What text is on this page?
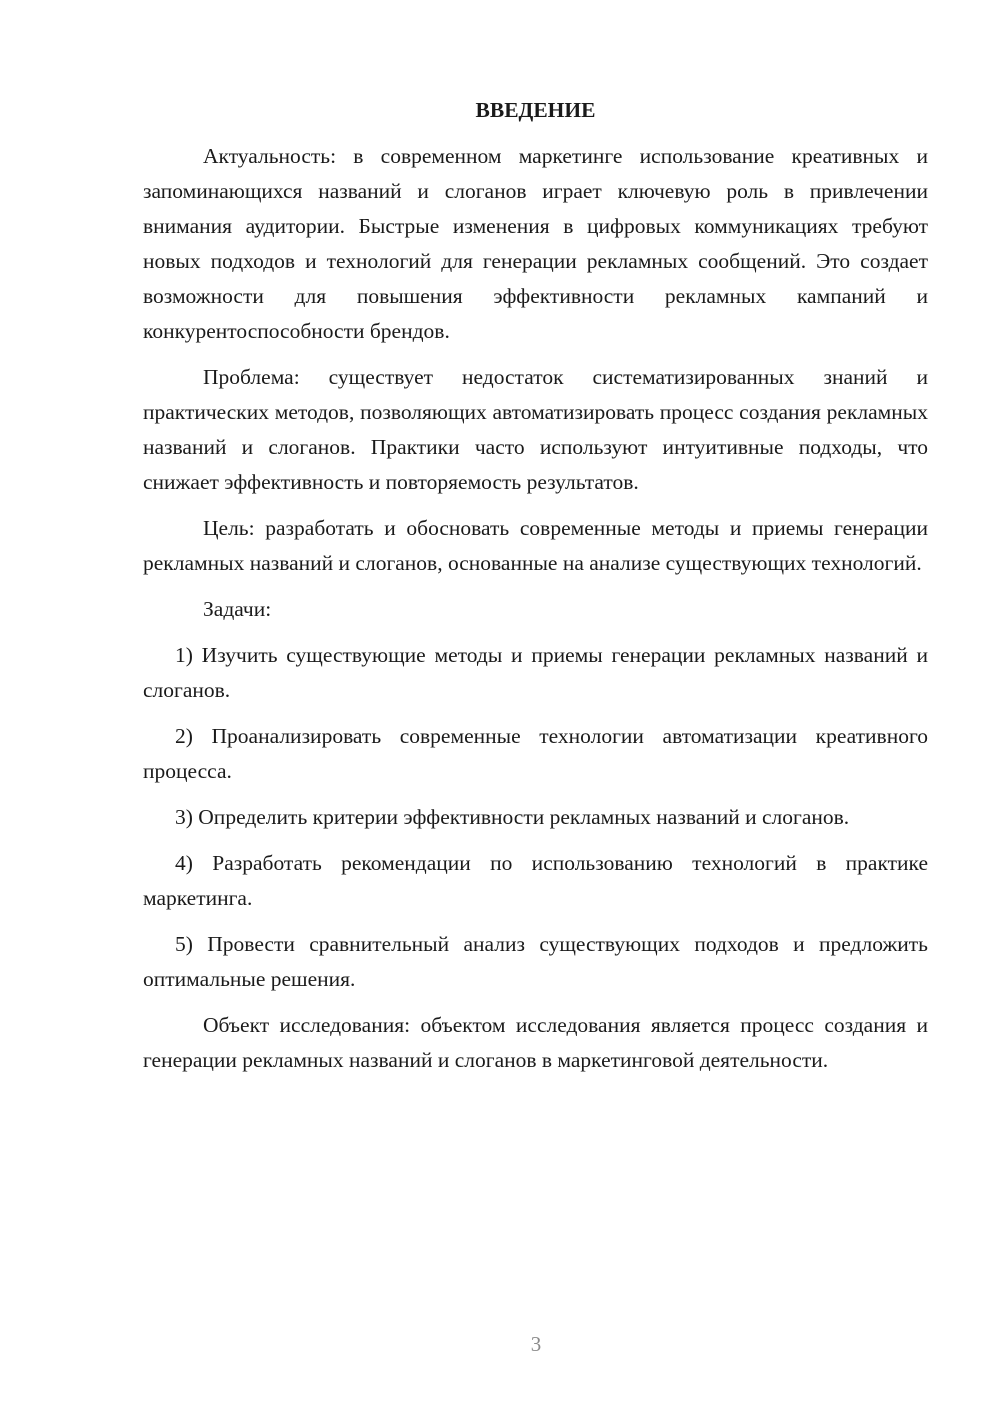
ВВЕДЕНИЕ

Актуальность: в современном маркетинге использование креативных и запоминающихся названий и слоганов играет ключевую роль в привлечении внимания аудитории. Быстрые изменения в цифровых коммуникациях требуют новых подходов и технологий для генерации рекламных сообщений. Это создает возможности для повышения эффективности рекламных кампаний и конкурентоспособности брендов.

Проблема: существует недостаток систематизированных знаний и практических методов, позволяющих автоматизировать процесс создания рекламных названий и слоганов. Практики часто используют интуитивные подходы, что снижает эффективность и повторяемость результатов.

Цель: разработать и обосновать современные методы и приемы генерации рекламных названий и слоганов, основанные на анализе существующих технологий.

Задачи:

1) Изучить существующие методы и приемы генерации рекламных названий и слоганов.

2) Проанализировать современные технологии автоматизации креативного процесса.

3) Определить критерии эффективности рекламных названий и слоганов.

4) Разработать рекомендации по использованию технологий в практике маркетинга.

5) Провести сравнительный анализ существующих подходов и предложить оптимальные решения.

Объект исследования: объектом исследования является процесс создания и генерации рекламных названий и слоганов в маркетинговой деятельности.

3
